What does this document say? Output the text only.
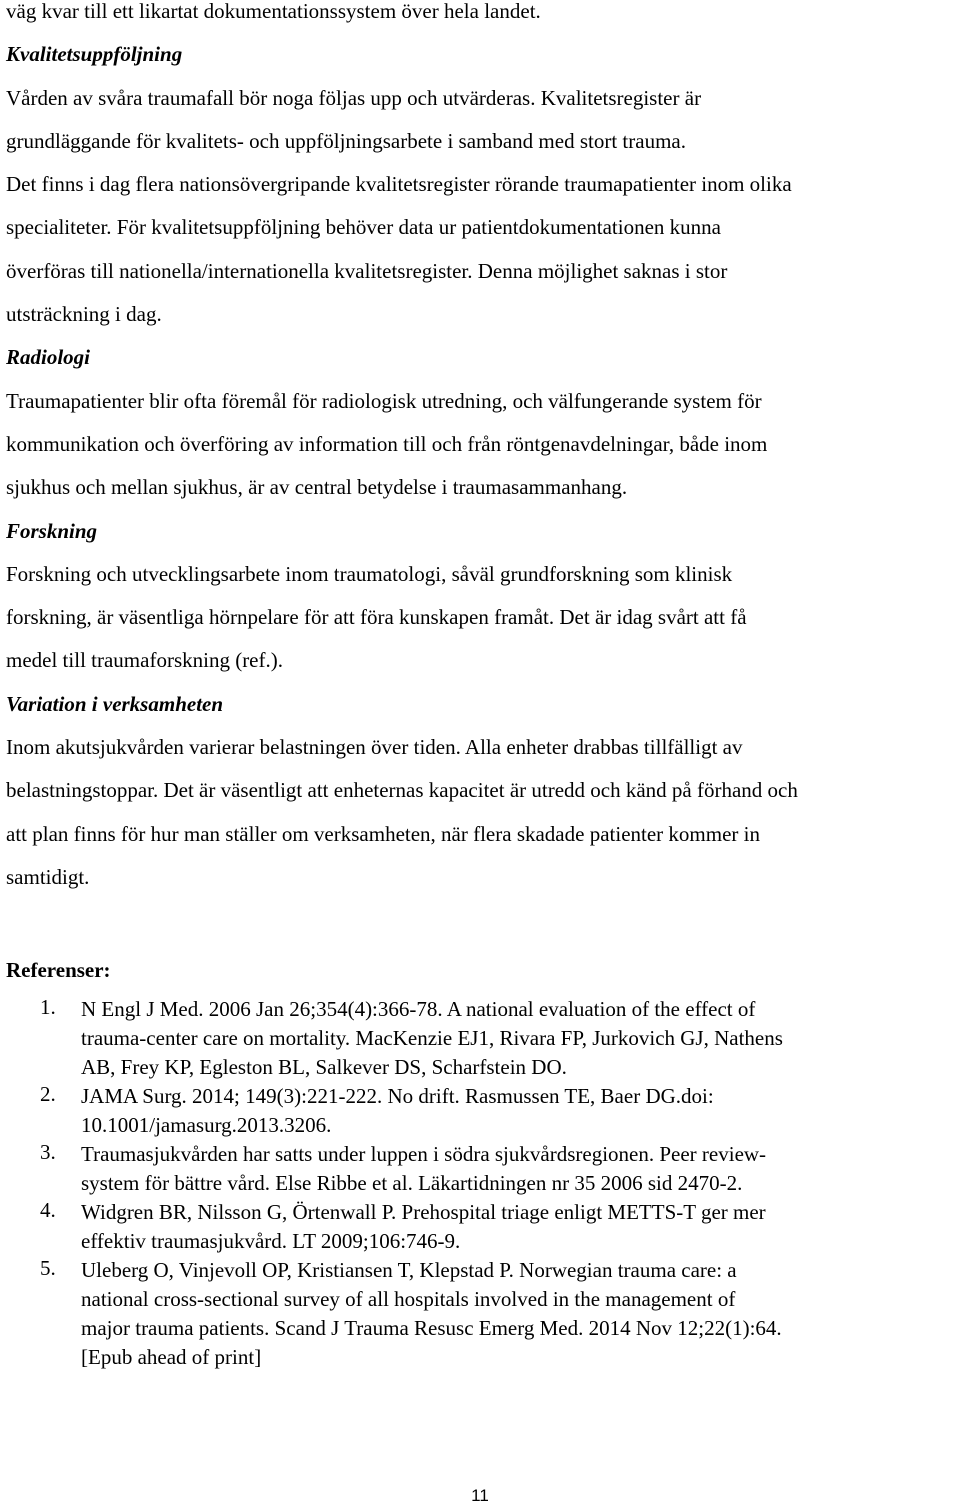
väg kvar till ett likartat dokumentationssystem över hela landet.
Kvalitetsuppföljning
Vården av svåra traumafall bör noga följas upp och utvärderas. Kvalitetsregister är
grundläggande för kvalitets- och uppföljningsarbete i samband med stort trauma.
Det finns i dag flera nationsövergripande kvalitetsregister rörande traumapatienter inom olika
specialiteter. För kvalitetsuppföljning behöver data ur patientdokumentationen kunna
överföras till nationella/internationella kvalitetsregister. Denna möjlighet saknas i stor
utsträckning i dag.
Radiologi
Traumapatienter blir ofta föremål för radiologisk utredning, och välfungerande system för
kommunikation och överföring av information till och från röntgenavdelningar, både inom
sjukhus och mellan sjukhus, är av central betydelse i traumasammanhang.
Forskning
Forskning och utvecklingsarbete inom traumatologi, såväl grundforskning som klinisk
forskning, är väsentliga hörnpelare för att föra kunskapen framåt. Det är idag svårt att få
medel till traumaforskning (ref.).
Variation i verksamheten
Inom akutsjukvården varierar belastningen över tiden. Alla enheter drabbas tillfälligt av
belastningstoppar. Det är väsentligt att enheternas kapacitet är utredd och känd på förhand och
att plan finns för hur man ställer om verksamheten, när flera skadade patienter kommer in
samtidigt.
Referenser:
1. N Engl J Med. 2006 Jan 26;354(4):366-78. A national evaluation of the effect of
trauma-center care on mortality. MacKenzie EJ1, Rivara FP, Jurkovich GJ, Nathens
AB, Frey KP, Egleston BL, Salkever DS, Scharfstein DO.
2. JAMA Surg. 2014; 149(3):221-222. No drift. Rasmussen TE, Baer DG.doi:
10.1001/jamasurg.2013.3206.
3. Traumasjukvården har satts under luppen i södra sjukvårdsregionen. Peer review-
system för bättre vård. Else Ribbe et al. Läkartidningen nr 35 2006 sid 2470-2.
4. Widgren BR, Nilsson G, Örtenwall P. Prehospital triage enligt METTS-T ger mer
effektiv traumasjukvård. LT 2009;106:746-9.
5. Uleberg O, Vinjevoll OP, Kristiansen T, Klepstad P. Norwegian trauma care: a
national cross-sectional survey of all hospitals involved in the management of
major trauma patients. Scand J Trauma Resusc Emerg Med. 2014 Nov 12;22(1):64.
[Epub ahead of print]
11
